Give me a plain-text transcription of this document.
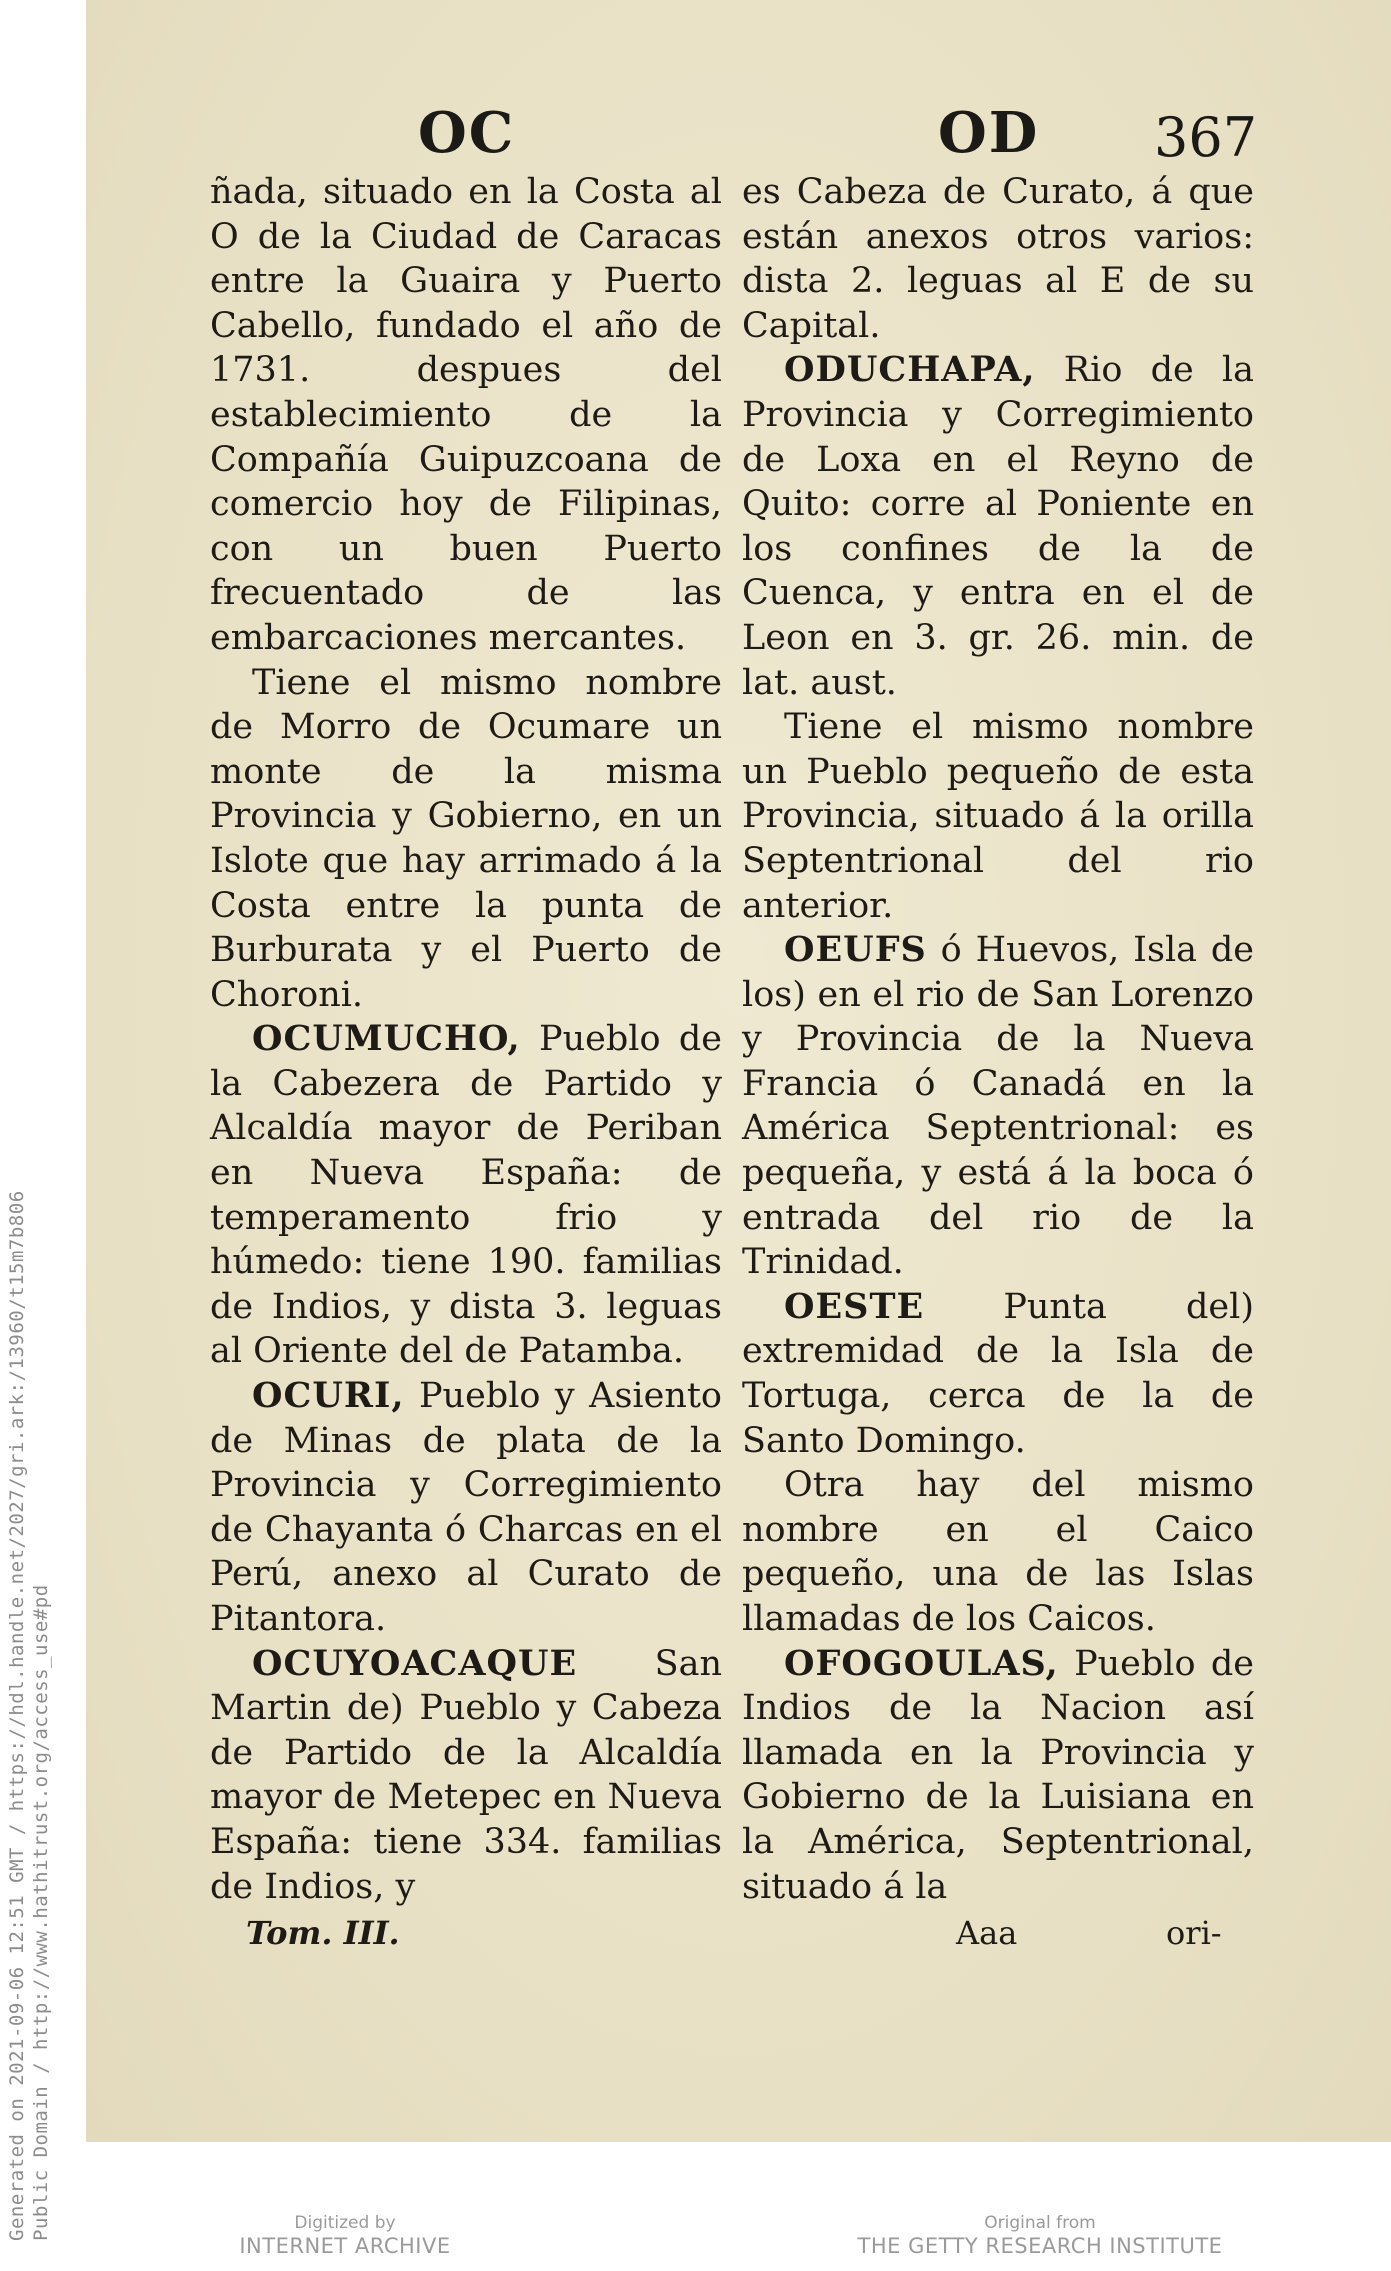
Generated on 2021-09-06 12:51 GMT / https://hdl.handle.net/2027/gri.ark:/13960/t15m7b806 Public Domain / http://www.hathitrust.org/access_use#pd
OC	OD 367

ñada, situado en la Costa al O de la Ciudad de Caracas entre la Guaira y Puerto Cabello, fundado el año de 1731. despues del establecimiento de la Compañía Guipuzcoana de comercio hoy de Filipinas, con un buen Puerto frecuentado de las embarcaciones mercantes.

Tiene el mismo nombre de Morro de Ocumare un monte de la misma Provincia y Gobierno, en un Islote que hay arrimado á la Costa entre la punta de Burburata y el Puerto de Choroni.

OCUMUCHO, Pueblo de la Cabezera de Partido y Alcaldía mayor de Periban en Nueva España: de temperamento frio y húmedo: tiene 190. familias de Indios, y dista 3. leguas al Oriente del de Patamba.

OCURI, Pueblo y Asiento de Minas de plata de la Provincia y Corregimiento de Chayanta ó Charcas en el Perú, anexo al Curato de Pitantora.

OCUYOACAQUE San Martin de) Pueblo y Cabeza de Partido de la Alcaldía mayor de Metepec en Nueva España: tiene 334. familias de Indios, y

es Cabeza de Curato, á que están anexos otros varios: dista 2. leguas al E de su Capital.

ODUCHAPA, Rio de la Provincia y Corregimiento de Loxa en el Reyno de Quito: corre al Poniente en los confines de la de Cuenca, y entra en el de Leon en 3. gr. 26. min. de lat. aust.

Tiene el mismo nombre un Pueblo pequeño de esta Provincia, situado á la orilla Septentrional del rio anterior.

OEUFS ó Huevos, Isla de los) en el rio de San Lorenzo y Provincia de la Nueva Francia ó Canadá en la América Septentrional: es pequeña, y está á la boca ó entrada del rio de la Trinidad.

OESTE Punta del) extremidad de la Isla de Tortuga, cerca de la de Santo Domingo.

Otra hay del mismo nombre en el Caico pequeño, una de las Islas llamadas de los Caicos.

OFOGOULAS, Pueblo de Indios de la Nacion así llamada en la Provincia y Gobierno de la Luisiana en la América, Septentrional, situado á la

Tom. III.	Aaa	ori-
Digitized by
INTERNET ARCHIVE
Original from
THE GETTY RESEARCH INSTITUTE
